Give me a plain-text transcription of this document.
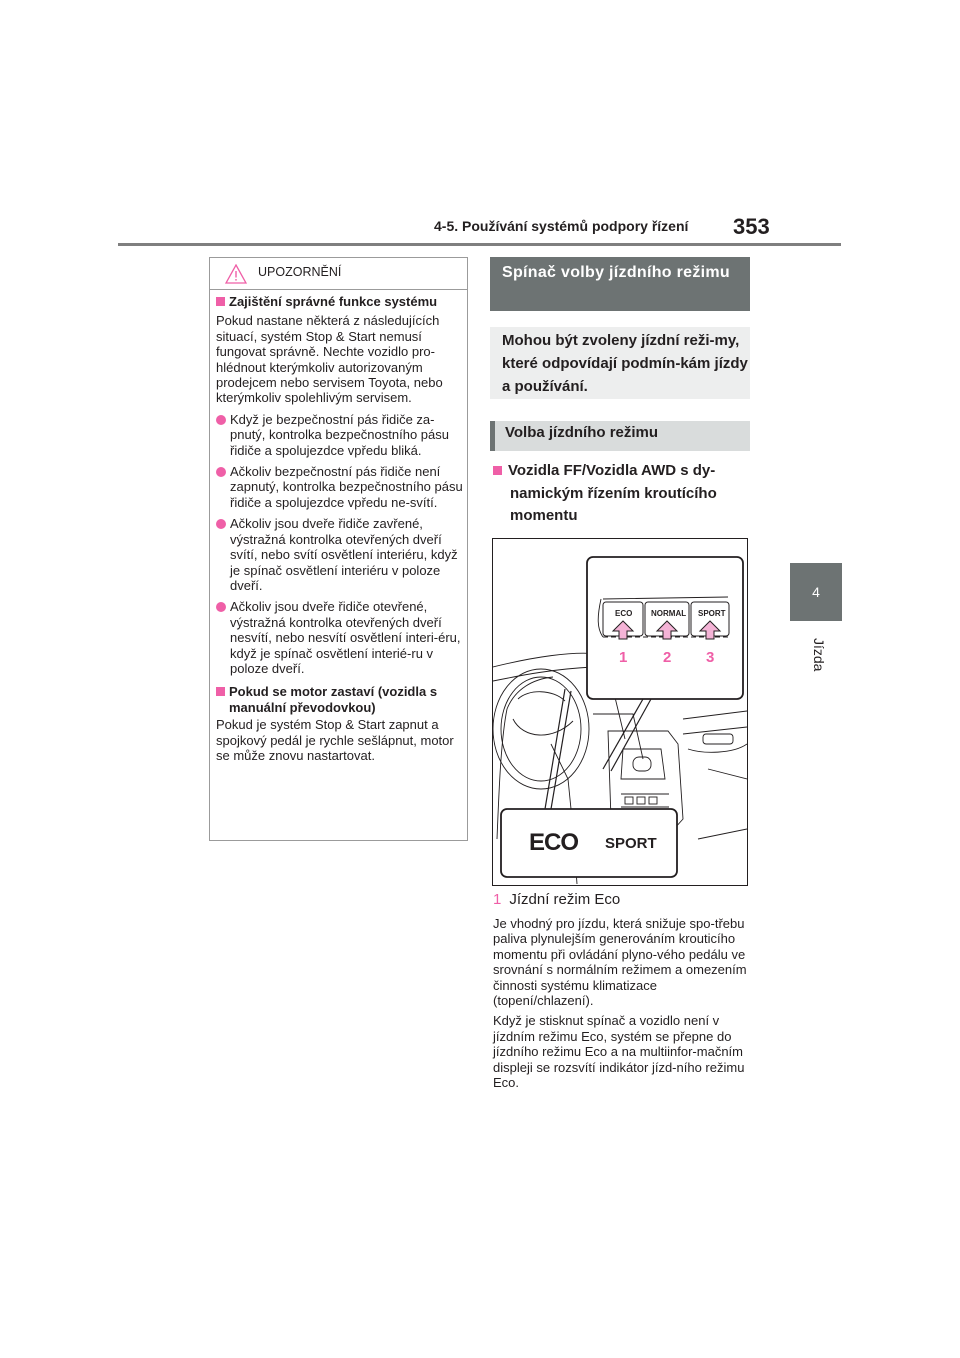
4-5. Používání systémů podpory řízení 353
4
Jízda
UPOZORNĚNÍ
Zajištění správné funkce systému

Pokud nastane některá z následujících situací, systém Stop & Start nemusí fungovat správně. Nechte vozidlo pro-hlédnout kterýmkoliv autorizovaným prodejcem nebo servisem Toyota, nebo kterýmkoliv spolehlivým servisem.

Když je bezpečnostní pás řidiče za-pnutý, kontrolka bezpečnostního pásu řidiče a spolujezdce vpředu bliká.

Ačkoliv bezpečnostní pás řidiče není zapnutý, kontrolka bezpečnostního pásu řidiče a spolujezdce vpředu ne-svítí.

Ačkoliv jsou dveře řidiče zavřené, výstražná kontrolka otevřených dveří svítí, nebo svítí osvětlení interiéru, když je spínač osvětlení interiéru v poloze dveří.

Ačkoliv jsou dveře řidiče otevřené, výstražná kontrolka otevřených dveří nesvítí, nebo nesvítí osvětlení interi-éru, když je spínač osvětlení interié-ru v poloze dveří.

Pokud se motor zastaví (vozidla s manuální převodovkou)

Pokud je systém Stop & Start zapnut a spojkový pedál je rychle sešlápnut, motor se může znovu nastartovat.

Spínač volby jízdního režimu
Mohou být zvoleny jízdní reži-my, které odpovídají podmín-kám jízdy a používání.
Volba jízdního režimu
Vozidla FF/Vozidla AWD s dy-
namickým řízením kroutícího
momentu
ECO NORMAL SPORT
1 2 3
ECO SPORT
1 Jízdní režim Eco

Je vhodný pro jízdu, která snižuje spo-třebu paliva plynulejším generováním krouticího momentu při ovládání plyno-vého pedálu ve srovnání s normálním režimem a omezením činnosti systému klimatizace (topení/chlazení).

Když je stisknut spínač a vozidlo není v jízdním režimu Eco, systém se přepne do jízdního režimu Eco a na multiinfor-mačním displeji se rozsvítí indikátor jízd-ního režimu Eco.
